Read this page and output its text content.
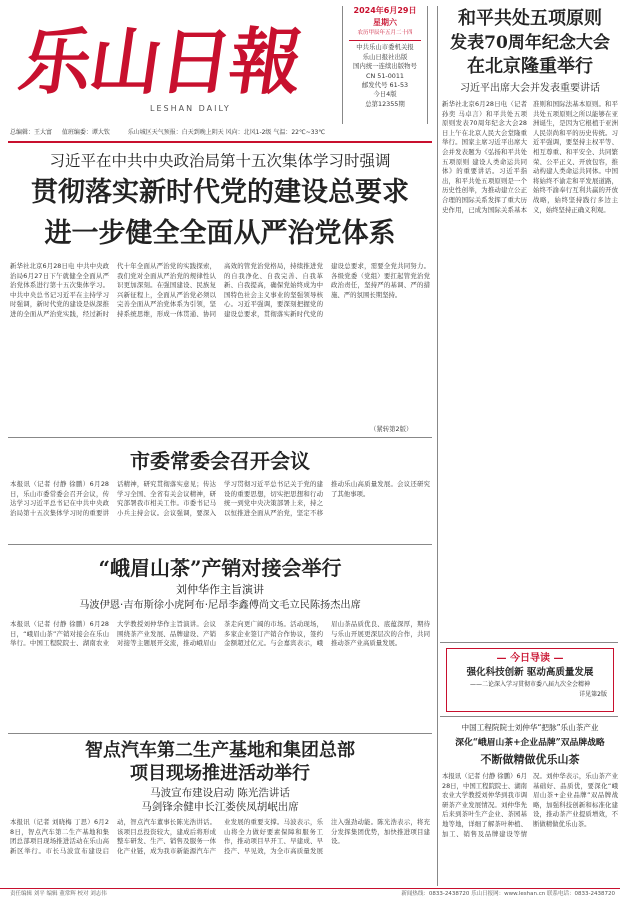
乐山日報
LESHAN DAILY
2024年6月29日
星期六
农历甲辰年五月二十四
中共乐山市委机关报
乐山日报社出版
国内统一连续出版物号
CN 51-0011
邮发代号 61-53
今日4版
总第12355期
总编辑：王大富 值班编委：谭大钦	乐山城区天气预报：白天到晚上阴天 风向：北风1-2级 气温：22℃~33℃
习近平在中共中央政治局第十五次集体学习时强调
贯彻落实新时代党的建设总要求
进一步健全全面从严治党体系
新华社北京6月28日电 中共中央政治局6月27日下午就健全全面从严治党体系进行第十五次集体学习。中共中央总书记习近平在主持学习时强调，新时代党的建设是纵深推进的全面从严治党实践，经过新时代十年全面从严治党的实践探索，我们党对全面从严治党的规律性认识更加深刻。在强国建设、民族复兴新征程上，全面从严治党必须以完善全面从严治党体系为引领，坚持系统思维，形成一体贯通、协同高效的管党治党格局，持续推进党的自我净化、自我完善、自我革新、自我提高，确保党始终成为中国特色社会主义事业的坚强领导核心。习近平强调，要深刻把握党的建设总要求，贯彻落实新时代党的建设总要求，需要全党共同努力。各级党委（党组）要扛起管党治党政治责任，坚持严的基调、严的措施、严的氛围长期坚持。
（紧转第2版）
市委常委会召开会议
本报讯（记者 付静 徐鹏）6月28日，乐山市委常委会召开会议，传达学习习近平总书记在中共中央政治局第十五次集体学习时的重要讲话精神，研究贯彻落实意见；传达学习全国、全省有关会议精神，研究部署我市相关工作。市委书记马小兵主持会议。会议强调，要深入学习贯彻习近平总书记关于党的建设的重要思想，切实把思想和行动统一到党中央决策部署上来，持之以恒推进全面从严治党，坚定不移推动乐山高质量发展。会议还研究了其他事项。
“峨眉山茶”产销对接会举行
刘仲华作主旨演讲
马波伊恩·吉布斯徐小虎阿布·尼昂李鑫傅尚文毛立民陈扬杰出席
本报讯（记者 付静 徐鹏）6月28日，“峨眉山茶”产销对接会在乐山举行。中国工程院院士、湖南农业大学教授刘仲华作主旨演讲。会议围绕茶产业发展、品牌建设、产销对接等主题展开交流，推动峨眉山茶走向更广阔的市场。活动现场，多家企业签订产销合作协议，签约金额超过亿元。与会嘉宾表示，峨眉山茶品质优良、底蕴深厚，期待与乐山开展更深层次的合作，共同推动茶产业高质量发展。
智点汽车第二生产基地和集团总部
项目现场推进活动举行
马波宣布建设启动 陈光浩讲话
马剑锋余健申长江娄侠凤胡岷出席
本报讯（记者 刘晓梅 丁思）6月28日，智点汽车第二生产基地和集团总部项目现场推进活动在乐山高新区举行。市长马波宣布建设启动，智点汽车董事长陈光浩讲话。该项目总投资较大，建成后将形成整车研发、生产、销售及服务一体化产业链，成为我市新能源汽车产业发展的重要支撑。马波表示，乐山将全力做好要素保障和服务工作，推动项目早开工、早建成、早投产、早见效，为全市高质量发展注入强劲动能。陈光浩表示，将充分发挥集团优势，加快推进项目建设。
和平共处五项原则
发表70周年纪念大会
在北京隆重举行
习近平出席大会并发表重要讲话
新华社北京6月28日电（记者 孙奕 马卓言）和平共处五项原则发表70周年纪念大会28日上午在北京人民大会堂隆重举行。国家主席习近平出席大会并发表题为《弘扬和平共处五项原则 建设人类命运共同体》的重要讲话。习近平指出，和平共处五项原则是一个历史性创举，为推动建立公正合理的国际关系发挥了重大历史作用，已成为国际关系基本准则和国际法基本原则。和平共处五项原则之所以能够在亚洲诞生，是因为它根植于亚洲人民崇尚和平的历史传统。习近平强调，要坚持主权平等、相互尊重、和平安全、共同繁荣、公平正义、开放包容，推动构建人类命运共同体。中国将始终不渝走和平发展道路，始终不渝奉行互利共赢的开放战略，始终坚持践行多边主义，始终坚持正确义利观。
— 今日导读 —
强化科技创新 驱动高质量发展
——二论深入学习贯彻市委八届九次全会精神
详见第2版
中国工程院院士刘仲华“把脉”乐山茶产业
深化“峨眉山茶+企业品牌”双品牌战略
不断做精做优乐山茶
本报讯（记者 付静 徐鹏）6月28日，中国工程院院士、湖南农业大学教授刘仲华到我市调研茶产业发展情况。刘仲华先后来到茶叶生产企业、茶园基地等地，详细了解茶叶种植、加工、销售及品牌建设等情况。刘仲华表示，乐山茶产业基础好、品质优，要深化“峨眉山茶+企业品牌”双品牌战略，加强科技创新和标准化建设，推动茶产业提质增效，不断做精做优乐山茶。
责任编辑 刘平 编辑 董常辉 校对 刘志伟	新闻热线：0833-2438720 乐山日报网：www.leshan.cn 联系电话：0833-2438720
